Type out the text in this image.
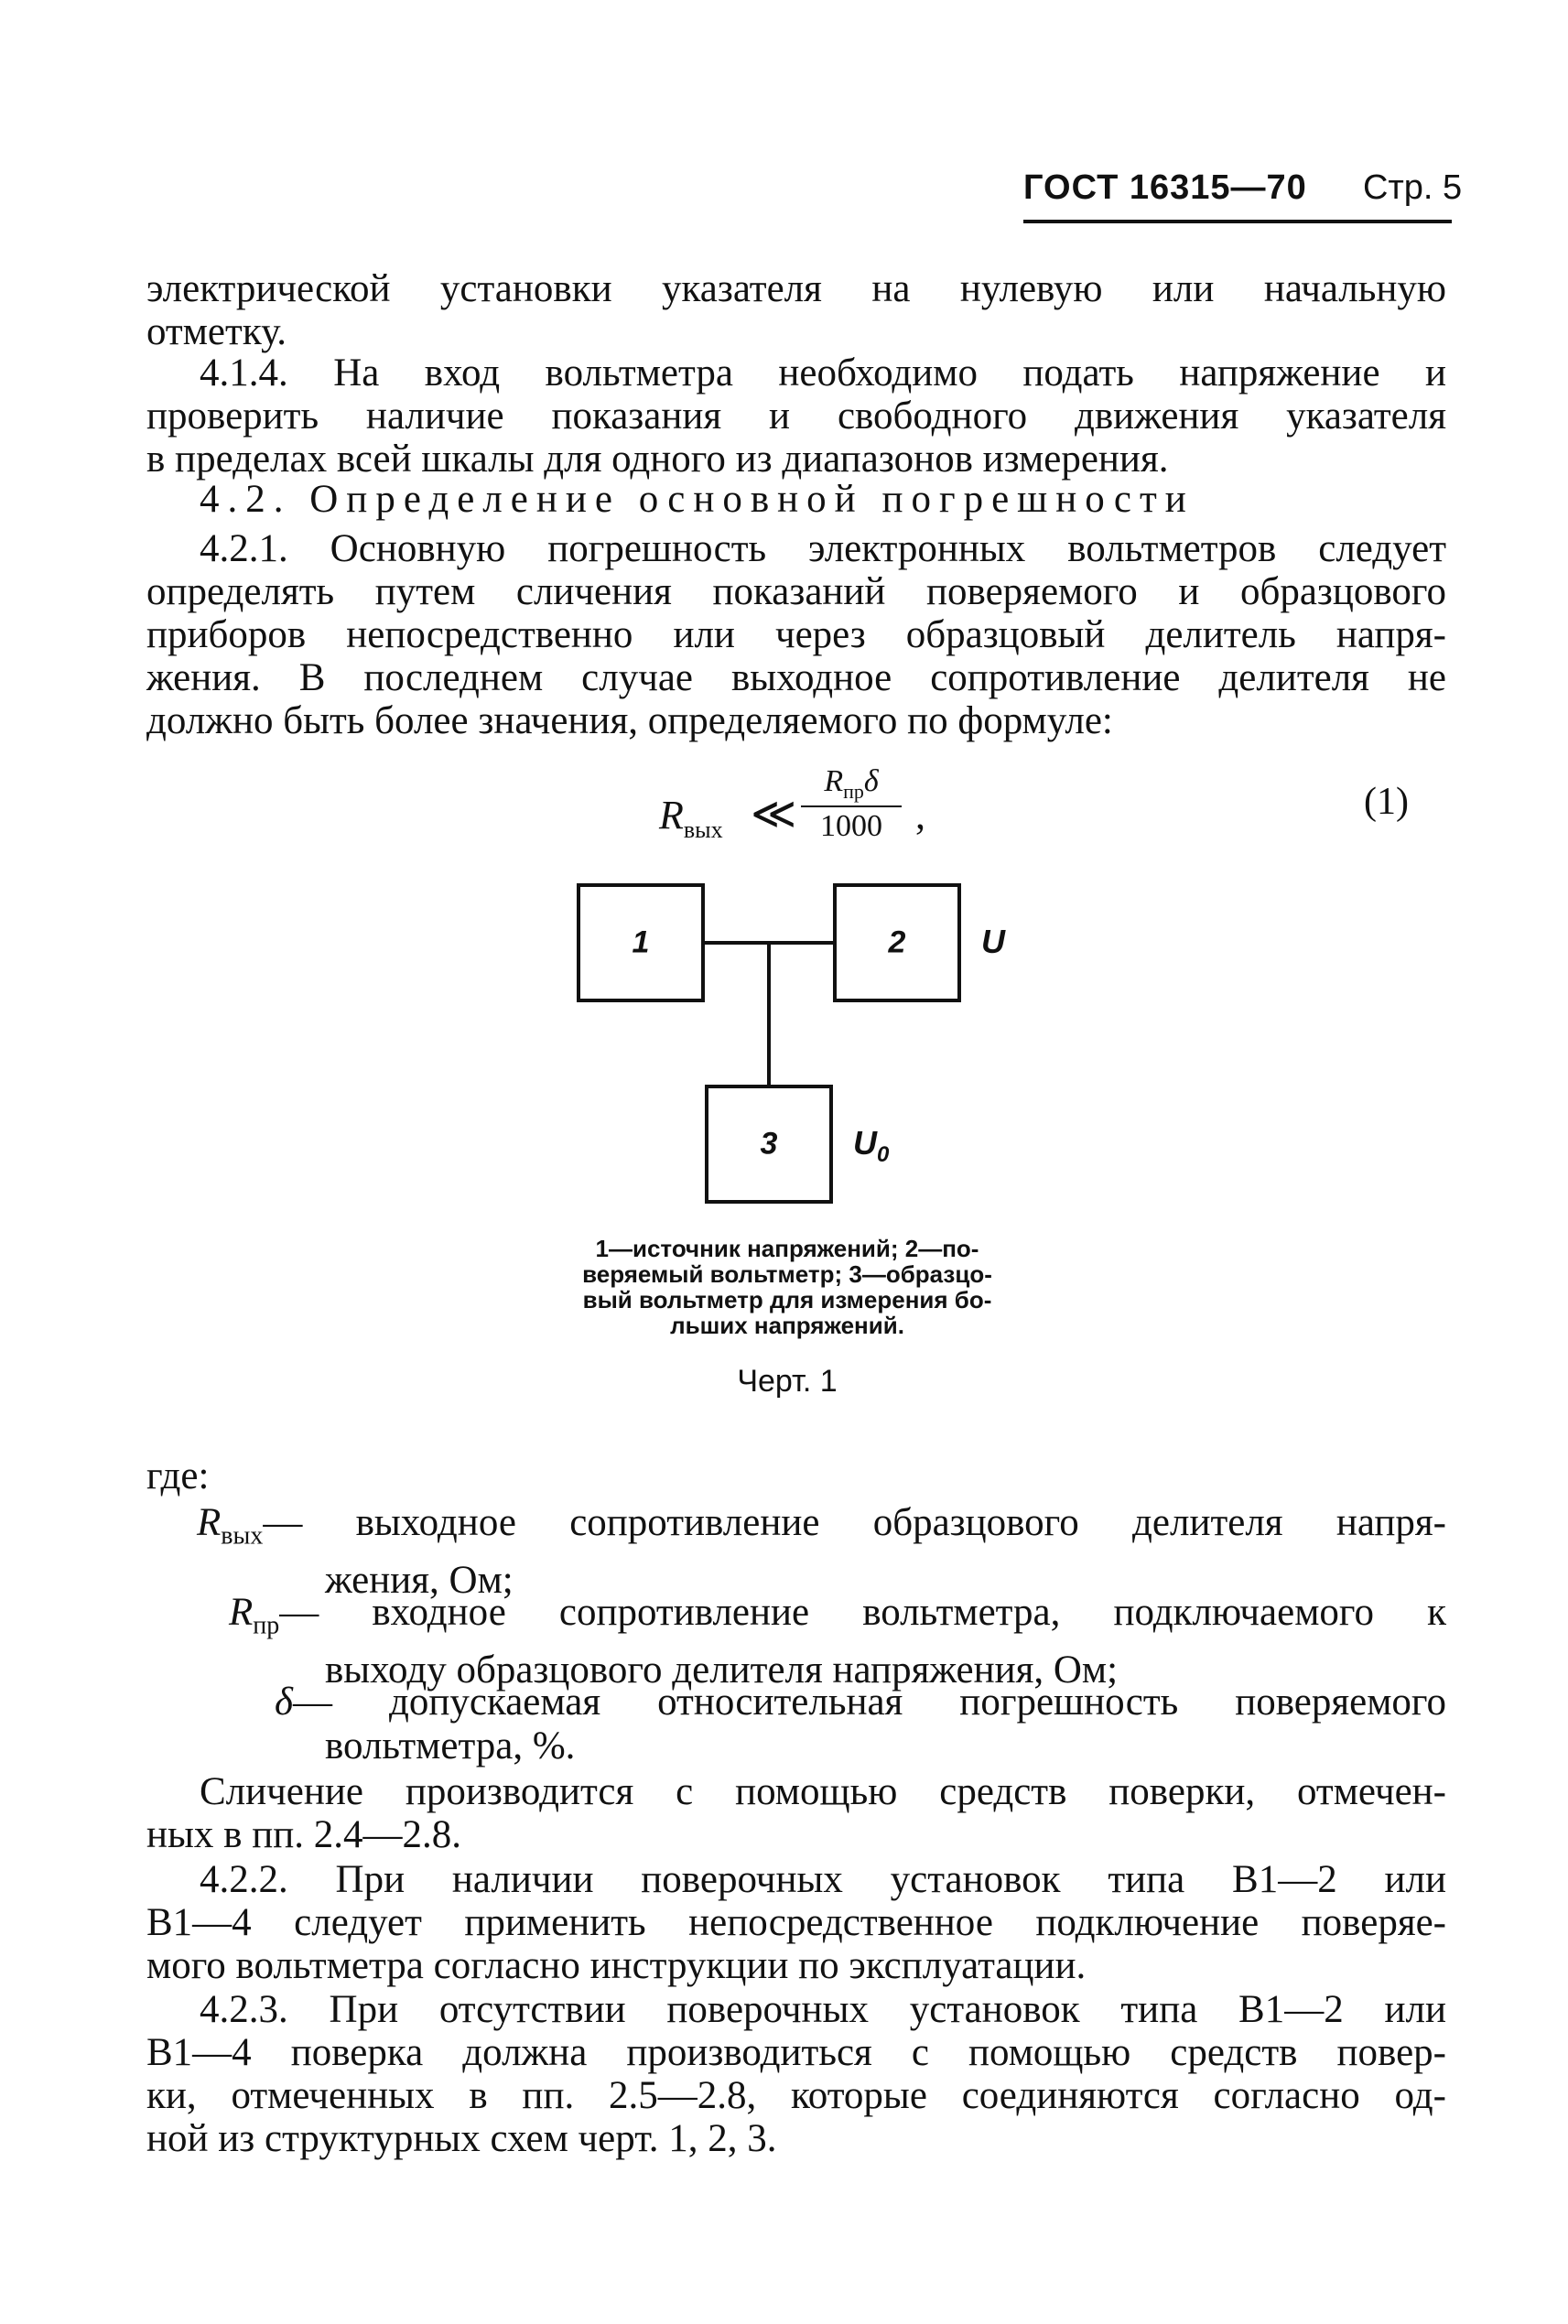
ГОСТ 16315—70 Стр. 5
электрической установки указателя на нулевую или начальную
отметку.
4.1.4. На вход вольтметра необходимо подать напряжение и
проверить наличие показания и свободного движения указателя
в пределах всей шкалы для одного из диапазонов измерения.
4.2. Определение основной погрешности
4.2.1. Основную погрешность электронных вольтметров следует
определять путем сличения показаний поверяемого и образцового
приборов непосредственно или через образцовый делитель напря-
жения. В последнем случае выходное сопротивление делителя не
должно быть более значения, определяемого по формуле:
$R_{вых}$ ≪
$R_{пр}\delta$
1000 ,	(1)
1	2
3
U
$U_0$
1—источник напряжений; 2—по-
веряемый вольтметр; 3—образцо-
вый вольтметр для измерения бо-
льших напряжений.
Черт. 1
где:
$R_{вых}—$ выходное сопротивление образцового делителя напря-
жения, Ом;
$R_{пр}—$ входное сопротивление вольтметра, подключаемого к
выходу образцового делителя напряжения, Ом;
δ— допускаемая относительная погрешность поверяемого
вольтметра, %.
Сличение производится с помощью средств поверки, отмечен-
ных в пп. 2.4—2.8.
4.2.2. При наличии поверочных установок типа В1—2 или
В1—4 следует применить непосредственное подключение поверяе-
мого вольтметра согласно инструкции по эксплуатации.
4.2.3. При отсутствии поверочных установок типа В1—2 или
В1—4 поверка должна производиться с помощью средств повер-
ки, отмеченных в пп. 2.5—2.8, которые соединяются согласно од-
ной из структурных схем черт. 1, 2, 3.
